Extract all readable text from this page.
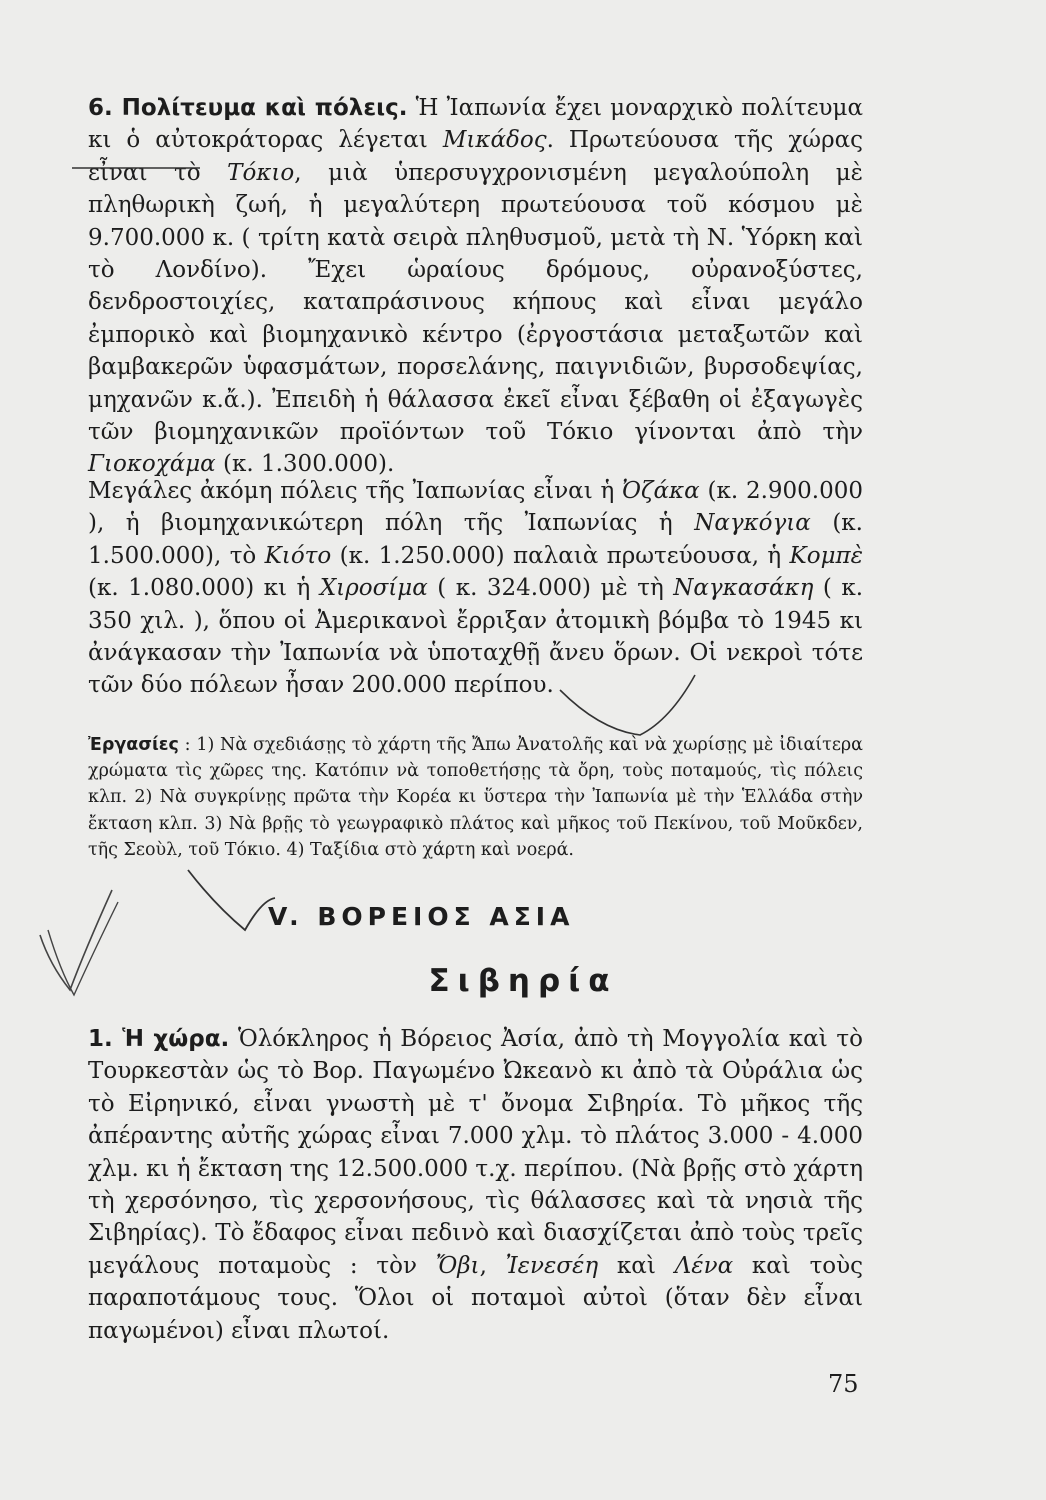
6. Πολίτευμα καὶ πόλεις. Ἡ Ἰαπωνία ἔχει μοναρχικὸ πολίτευμα κι ὁ αὐτοκράτορας λέγεται Μικάδος. Πρωτεύουσα τῆς χώρας εἶναι τὸ Τόκιο, μιὰ ὑπερσυγχρονισμένη μεγαλούπολη μὲ πληθωρικὴ ζωή, ἡ μεγαλύτερη πρωτεύουσα τοῦ κόσμου μὲ 9.700.000 κ. ( τρίτη κατὰ σειρὰ πληθυσμοῦ, μετὰ τὴ Ν. Ὑόρκη καὶ τὸ Λονδίνο). Ἔχει ὡραίους δρόμους, οὐρανοξύστες, δενδροστοιχίες, καταπράσινους κήπους καὶ εἶναι μεγάλο ἐμπορικὸ καὶ βιομηχανικὸ κέντρο (ἐργοστάσια μεταξωτῶν καὶ βαμβακερῶν ὑφασμάτων, πορσελάνης, παιγνιδιῶν, βυρσοδεψίας, μηχανῶν κ.ἄ.). Ἐπειδὴ ἡ θάλασσα ἐκεῖ εἶναι ξέβαθη οἱ ἐξαγωγὲς τῶν βιομηχανικῶν προϊόντων τοῦ Τόκιο γίνονται ἀπὸ τὴν Γιοκοχάμα (κ. 1.300.000).
Μεγάλες ἀκόμη πόλεις τῆς Ἰαπωνίας εἶναι ἡ Ὀζάκα (κ. 2.900.000 ), ἡ βιομηχανικώτερη πόλη τῆς Ἰαπωνίας ἡ Ναγκόγια (κ. 1.500.000), τὸ Κιότο (κ. 1.250.000) παλαιὰ πρωτεύουσα, ἡ Κομπὲ (κ. 1.080.000) κι ἡ Χιροσίμα ( κ. 324.000) μὲ τὴ Ναγκασάκη ( κ. 350 χιλ. ), ὅπου οἱ Ἀμερικανοὶ ἔρριξαν ἀτομικὴ βόμβα τὸ 1945 κι ἀνάγκασαν τὴν Ἰαπωνία νὰ ὑποταχθῇ ἄνευ ὅρων. Οἱ νεκροὶ τότε τῶν δύο πόλεων ἦσαν 200.000 περίπου.
Ἐργασίες : 1) Νὰ σχεδιάσῃς τὸ χάρτη τῆς Ἄπω Ἀνατολῆς καὶ νὰ χωρίσῃς μὲ ἰδιαίτερα χρώματα τὶς χῶρες της. Κατόπιν νὰ τοποθετήσῃς τὰ ὄρη, τοὺς ποταμούς, τὶς πόλεις κλπ. 2) Νὰ συγκρίνῃς πρῶτα τὴν Κορέα κι ὕστερα τὴν Ἰαπωνία μὲ τὴν Ἑλλάδα στὴν ἔκταση κλπ. 3) Νὰ βρῇς τὸ γεωγραφικὸ πλάτος καὶ μῆκος τοῦ Πεκίνου, τοῦ Μοῦκδεν, τῆς Σεοὺλ, τοῦ Τόκιο. 4) Ταξίδια στὸ χάρτη καὶ νοερά.
V. ΒΟΡΕΙΟΣ ΑΣΙΑ
Σιβηρία
1. Ἡ χώρα. Ὁλόκληρος ἡ Βόρειος Ἀσία, ἀπὸ τὴ Μογγολία καὶ τὸ Τουρκεστὰν ὡς τὸ Βορ. Παγωμένο Ὠκεανὸ κι ἀπὸ τὰ Οὐράλια ὡς τὸ Εἰρηνικό, εἶναι γνωστὴ μὲ τ' ὄνομα Σιβηρία. Τὸ μῆκος τῆς ἀπέραντης αὐτῆς χώρας εἶναι 7.000 χλμ. τὸ πλάτος 3.000 - 4.000 χλμ. κι ἡ ἔκταση της 12.500.000 τ.χ. περίπου. (Νὰ βρῇς στὸ χάρτη τὴ χερσόνησο, τὶς χερσονήσους, τὶς θάλασσες καὶ τὰ νησιὰ τῆς Σιβηρίας). Τὸ ἔδαφος εἶναι πεδινὸ καὶ διασχίζεται ἀπὸ τοὺς τρεῖς μεγάλους ποταμοὺς : τὸν Ὄβι, Ἰενεσέη καὶ Λένα καὶ τοὺς παραποτάμους τους. Ὅλοι οἱ ποταμοὶ αὐτοὶ (ὅταν δὲν εἶναι παγωμένοι) εἶναι πλωτοί.
75
